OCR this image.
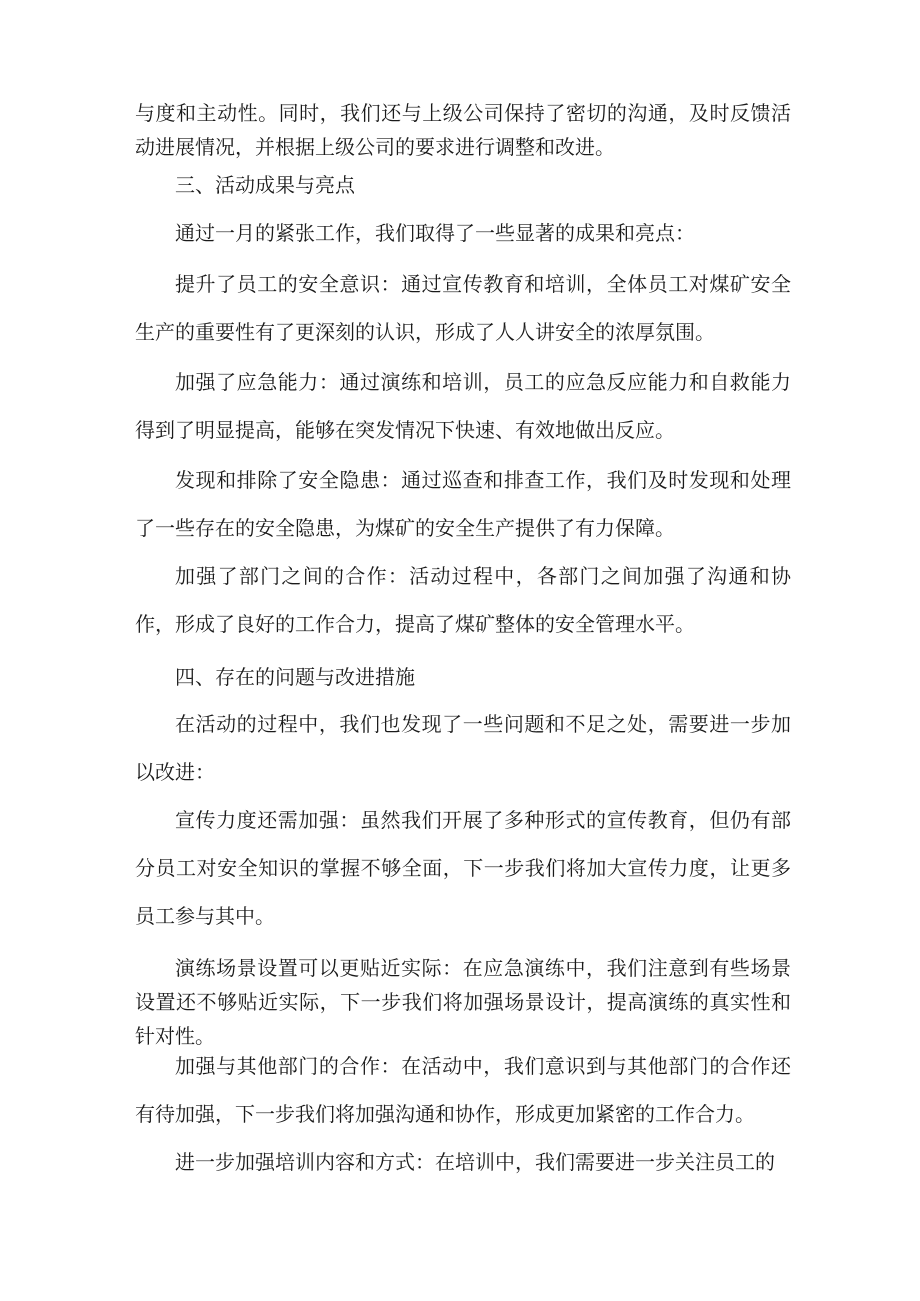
与度和主动性。同时，我们还与上级公司保持了密切的沟通，及时反馈活动进展情况，并根据上级公司的要求进行调整和改进。

三、活动成果与亮点

通过一月的紧张工作，我们取得了一些显著的成果和亮点：

提升了员工的安全意识：通过宣传教育和培训，全体员工对煤矿安全生产的重要性有了更深刻的认识，形成了人人讲安全的浓厚氛围。

加强了应急能力：通过演练和培训，员工的应急反应能力和自救能力得到了明显提高，能够在突发情况下快速、有效地做出反应。

发现和排除了安全隐患：通过巡查和排查工作，我们及时发现和处理了一些存在的安全隐患，为煤矿的安全生产提供了有力保障。

加强了部门之间的合作：活动过程中，各部门之间加强了沟通和协作，形成了良好的工作合力，提高了煤矿整体的安全管理水平。

四、存在的问题与改进措施

在活动的过程中，我们也发现了一些问题和不足之处，需要进一步加以改进：

宣传力度还需加强：虽然我们开展了多种形式的宣传教育，但仍有部分员工对安全知识的掌握不够全面，下一步我们将加大宣传力度，让更多员工参与其中。

演练场景设置可以更贴近实际：在应急演练中，我们注意到有些场景设置还不够贴近实际，下一步我们将加强场景设计，提高演练的真实性和针对性。

加强与其他部门的合作：在活动中，我们意识到与其他部门的合作还有待加强，下一步我们将加强沟通和协作，形成更加紧密的工作合力。

进一步加强培训内容和方式：在培训中，我们需要进一步关注员工的
